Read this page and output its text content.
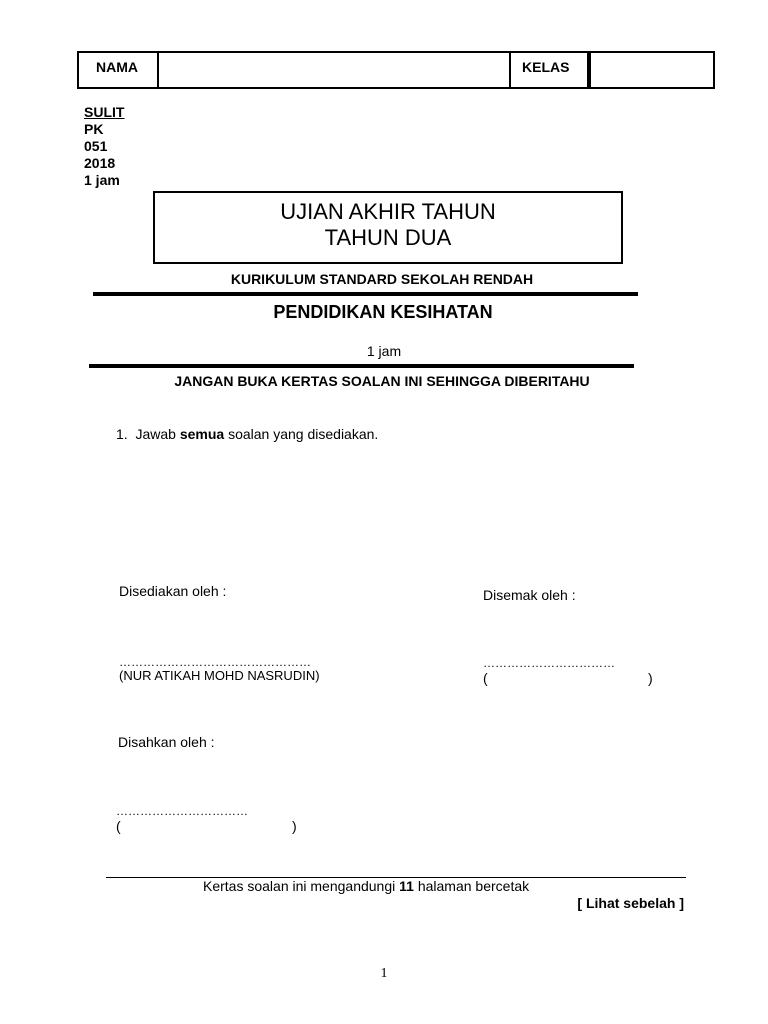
NAMA	KELAS
SULIT
PK
051
2018
1 jam
UJIAN AKHIR TAHUN
TAHUN DUA
KURIKULUM STANDARD SEKOLAH RENDAH
PENDIDIKAN KESIHATAN
1 jam
JANGAN BUKA KERTAS SOALAN INI SEHINGGA DIBERITAHU
1. Jawab semua soalan yang disediakan.
Disediakan oleh :
…………………………………………
(NUR ATIKAH MOHD NASRUDIN)
Disemak oleh :
……………………………
(	)
Disahkan oleh :
……………………………
(	)
Kertas soalan ini mengandungi 11 halaman bercetak
[ Lihat sebelah ]
1
